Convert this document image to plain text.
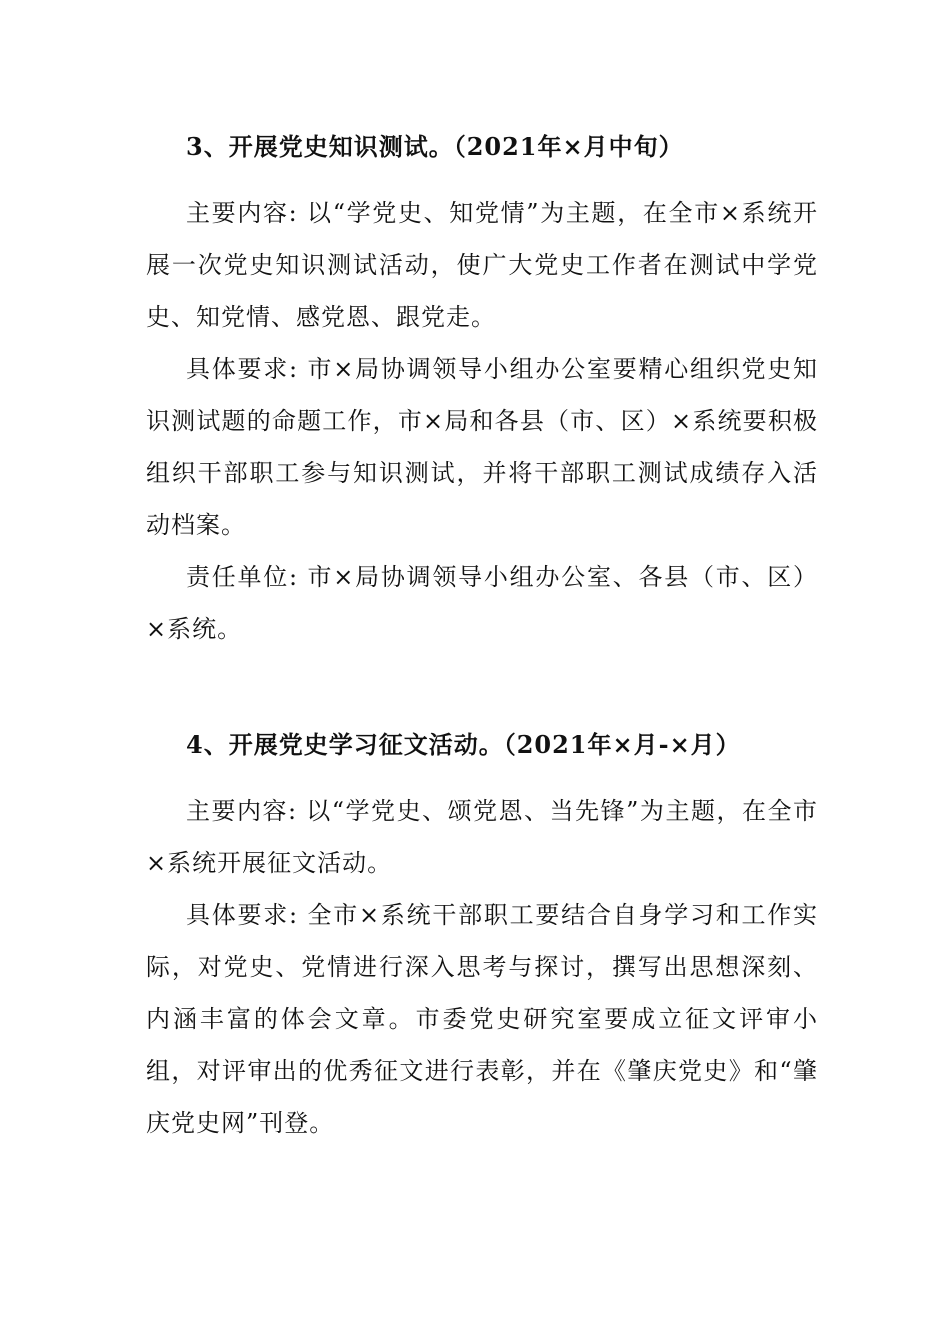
3、开展党史知识测试。（2021年×月中旬）
主要内容: 以“学党史、知党情”为主题，在全市×系统开展一次党史知识测试活动，使广大党史工作者在测试中学党史、知党情、感党恩、跟党走。
具体要求: 市×局协调领导小组办公室要精心组织党史知识测试题的命题工作，市×局和各县（市、区）×系统要积极组织干部职工参与知识测试，并将干部职工测试成绩存入活动档案。
责任单位: 市×局协调领导小组办公室、各县（市、区）×系统。
4、开展党史学习征文活动。（2021年×月-×月）
主要内容: 以“学党史、颂党恩、当先锋”为主题，在全市×系统开展征文活动。
具体要求: 全市×系统干部职工要结合自身学习和工作实际，对党史、党情进行深入思考与探讨，撰写出思想深刻、内涵丰富的体会文章。市委党史研究室要成立征文评审小组，对评审出的优秀征文进行表彰，并在《肇庆党史》和“肇庆党史网”刊登。
